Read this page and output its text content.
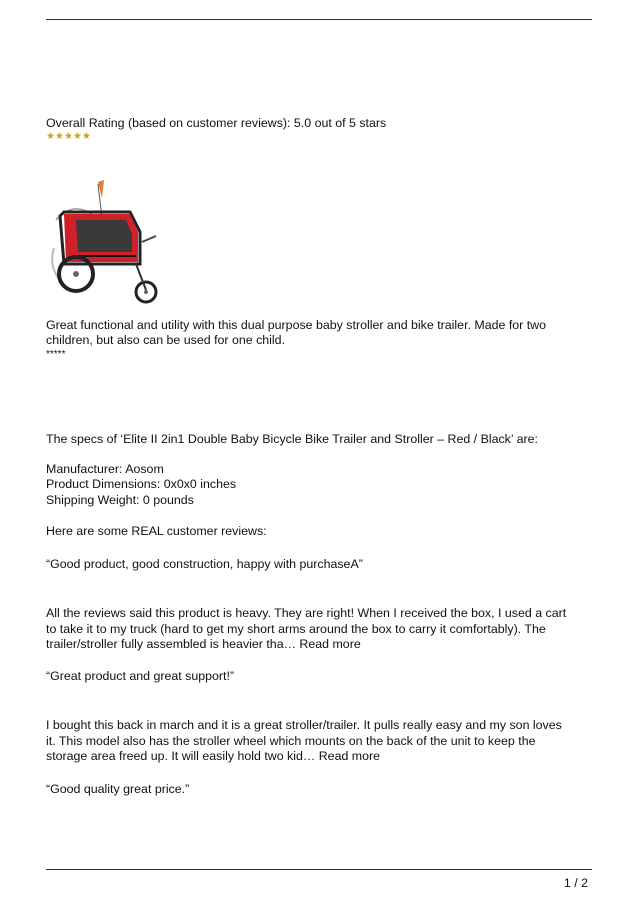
Overall Rating (based on customer reviews): 5.0 out of 5 stars

★ ★ ★ ★ ★

Great functional and utility with this dual purpose baby stroller and bike trailer. Made for two

children, but also can be used for one child.

*****

The specs of ‘Elite II 2in1 Double Baby Bicycle Bike Trailer and Stroller – Red / Black’ are:

Manufacturer: Aosom

Product Dimensions: 0x0x0 inches

Shipping Weight: 0 pounds

Here are some REAL customer reviews:

“Good product, good construction, happy with purchaseA”

All the reviews said this product is heavy. They are right! When I received the box, I used a cart

to take it to my truck (hard to get my short arms around the box to carry it comfortably). The

trailer/stroller fully assembled is heavier tha… Read more

“Great product and great support!”

I bought this back in march and it is a great stroller/trailer. It pulls really easy and my son loves

it. This model also has the stroller wheel which mounts on the back of the unit to keep the

storage area freed up. It will easily hold two kid… Read more

“Good quality great price.”

1 / 2
